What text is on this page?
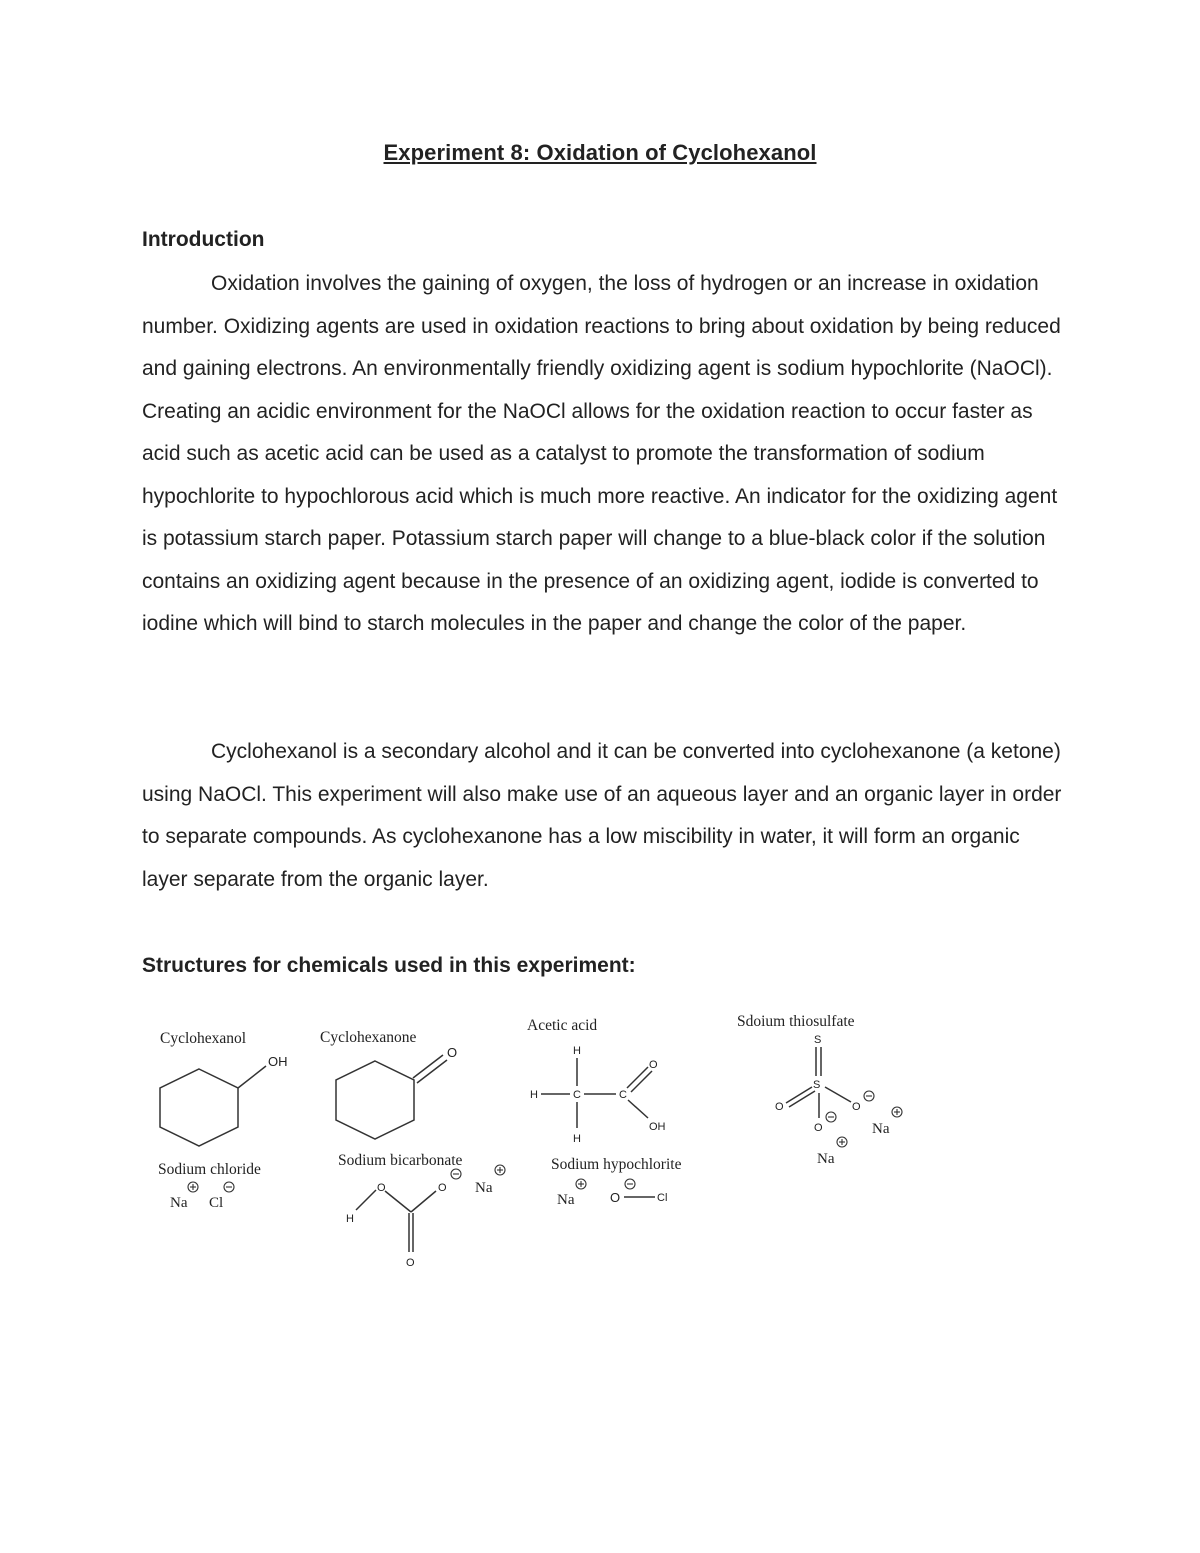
Experiment 8: Oxidation of Cyclohexanol
Introduction

Oxidation involves the gaining of oxygen, the loss of hydrogen or an increase in oxidation number. Oxidizing agents are used in oxidation reactions to bring about oxidation by being reduced and gaining electrons. An environmentally friendly oxidizing agent is sodium hypochlorite (NaOCl). Creating an acidic environment for the NaOCl allows for the oxidation reaction to occur faster as acid such as acetic acid can be used as a catalyst to promote the transformation of sodium hypochlorite to hypochlorous acid which is much more reactive. An indicator for the oxidizing agent is potassium starch paper. Potassium starch paper will change to a blue-black color if the solution contains an oxidizing agent because in the presence of an oxidizing agent, iodide is converted to iodine which will bind to starch molecules in the paper and change the color of the paper.

Cyclohexanol is a secondary alcohol and it can be converted into cyclohexanone (a ketone) using NaOCl. This experiment will also make use of an aqueous layer and an organic layer in order to separate compounds. As cyclohexanone has a low miscibility in water, it will form an organic layer separate from the organic layer.

Structures for chemicals used in this experiment:
Cyclohexanol
OH
Cyclohexanone
O
Acetic acid
H
H	C
H
C
O
OH
Sdoium thiosulfate
S
S
O	O
O	Na
Na
Sodium chloride
Na Cl
Sodium bicarbonate
O
H
O
O
Na
Sodium hypochlorite
Na	O	Cl
